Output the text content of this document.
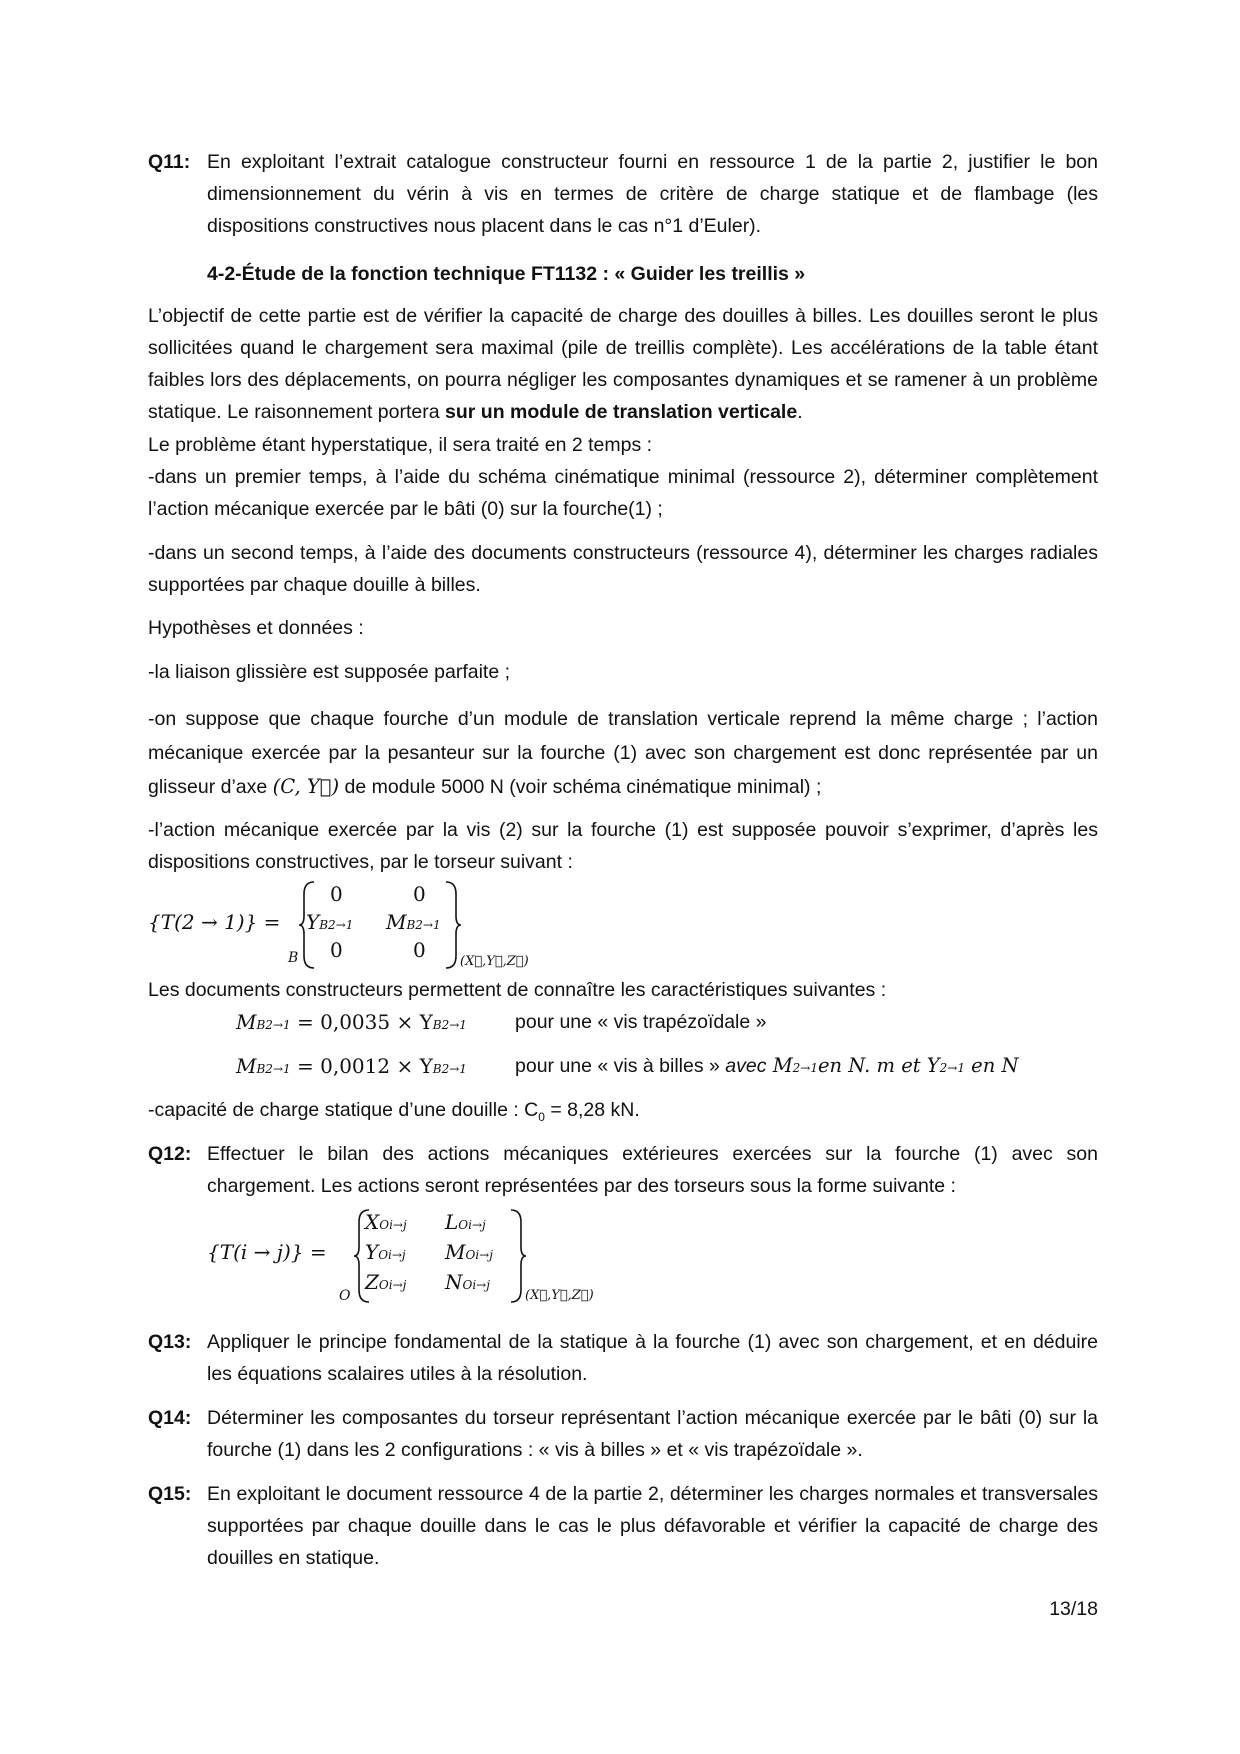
Q11: En exploitant l’extrait catalogue constructeur fourni en ressource 1 de la partie 2, justifier le bon dimensionnement du vérin à vis en termes de critère de charge statique et de flambage (les dispositions constructives nous placent dans le cas n°1 d’Euler).
4-2-Étude de la fonction technique FT1132 : « Guider les treillis »
L’objectif de cette partie est de vérifier la capacité de charge des douilles à billes. Les douilles seront le plus sollicitées quand le chargement sera maximal (pile de treillis complète). Les accélérations de la table étant faibles lors des déplacements, on pourra négliger les composantes dynamiques et se ramener à un problème statique. Le raisonnement portera sur un module de translation verticale.
Le problème étant hyperstatique, il sera traité en 2 temps :
-dans un premier temps, à l’aide du schéma cinématique minimal (ressource 2), déterminer complètement l’action mécanique exercée par le bâti (0) sur la fourche(1) ;
-dans un second temps, à l’aide des documents constructeurs (ressource 4), déterminer les charges radiales supportées par chaque douille à billes.
Hypothèses et données :
-la liaison glissière est supposée parfaite ;
-on suppose que chaque fourche d’un module de translation verticale reprend la même charge ; l’action mécanique exercée par la pesanteur sur la fourche (1) avec son chargement est donc représentée par un glisseur d’axe (C, Y⃗) de module 5000 N (voir schéma cinématique minimal) ;
-l’action mécanique exercée par la vis (2) sur la fourche (1) est supposée pouvoir s’exprimer, d’après les dispositions constructives, par le torseur suivant :
{T(2 → 1)} =
B
0	0
YB2→1 MB2→1
0	0	(X⃗,Y⃗,Z⃗)
Les documents constructeurs permettent de connaître les caractéristiques suivantes :
MB2→1 = 0,0035 × YB2→1 pour une « vis trapézoïdale »
MB2→1 = 0,0012 × YB2→1 pour une « vis à billes » avec M2→1en N. m et Y2→1 en N
-capacité de charge statique d’une douille : $C_0 = 8,28$ kN.
Q12: Effectuer le bilan des actions mécaniques extérieures exercées sur la fourche (1) avec son chargement. Les actions seront représentées par des torseurs sous la forme suivante :
{T(i → j)} =
O
XOi→j LOi→j
YOi→j MOi→j
ZOi→j NOi→j
(X⃗,Y⃗,Z⃗)
Q13: Appliquer le principe fondamental de la statique à la fourche (1) avec son chargement, et en déduire les équations scalaires utiles à la résolution.
Q14: Déterminer les composantes du torseur représentant l’action mécanique exercée par le bâti (0) sur la fourche (1) dans les 2 configurations : « vis à billes » et « vis trapézoïdale ».
Q15: En exploitant le document ressource 4 de la partie 2, déterminer les charges normales et transversales supportées par chaque douille dans le cas le plus défavorable et vérifier la capacité de charge des douilles en statique.
13/18
